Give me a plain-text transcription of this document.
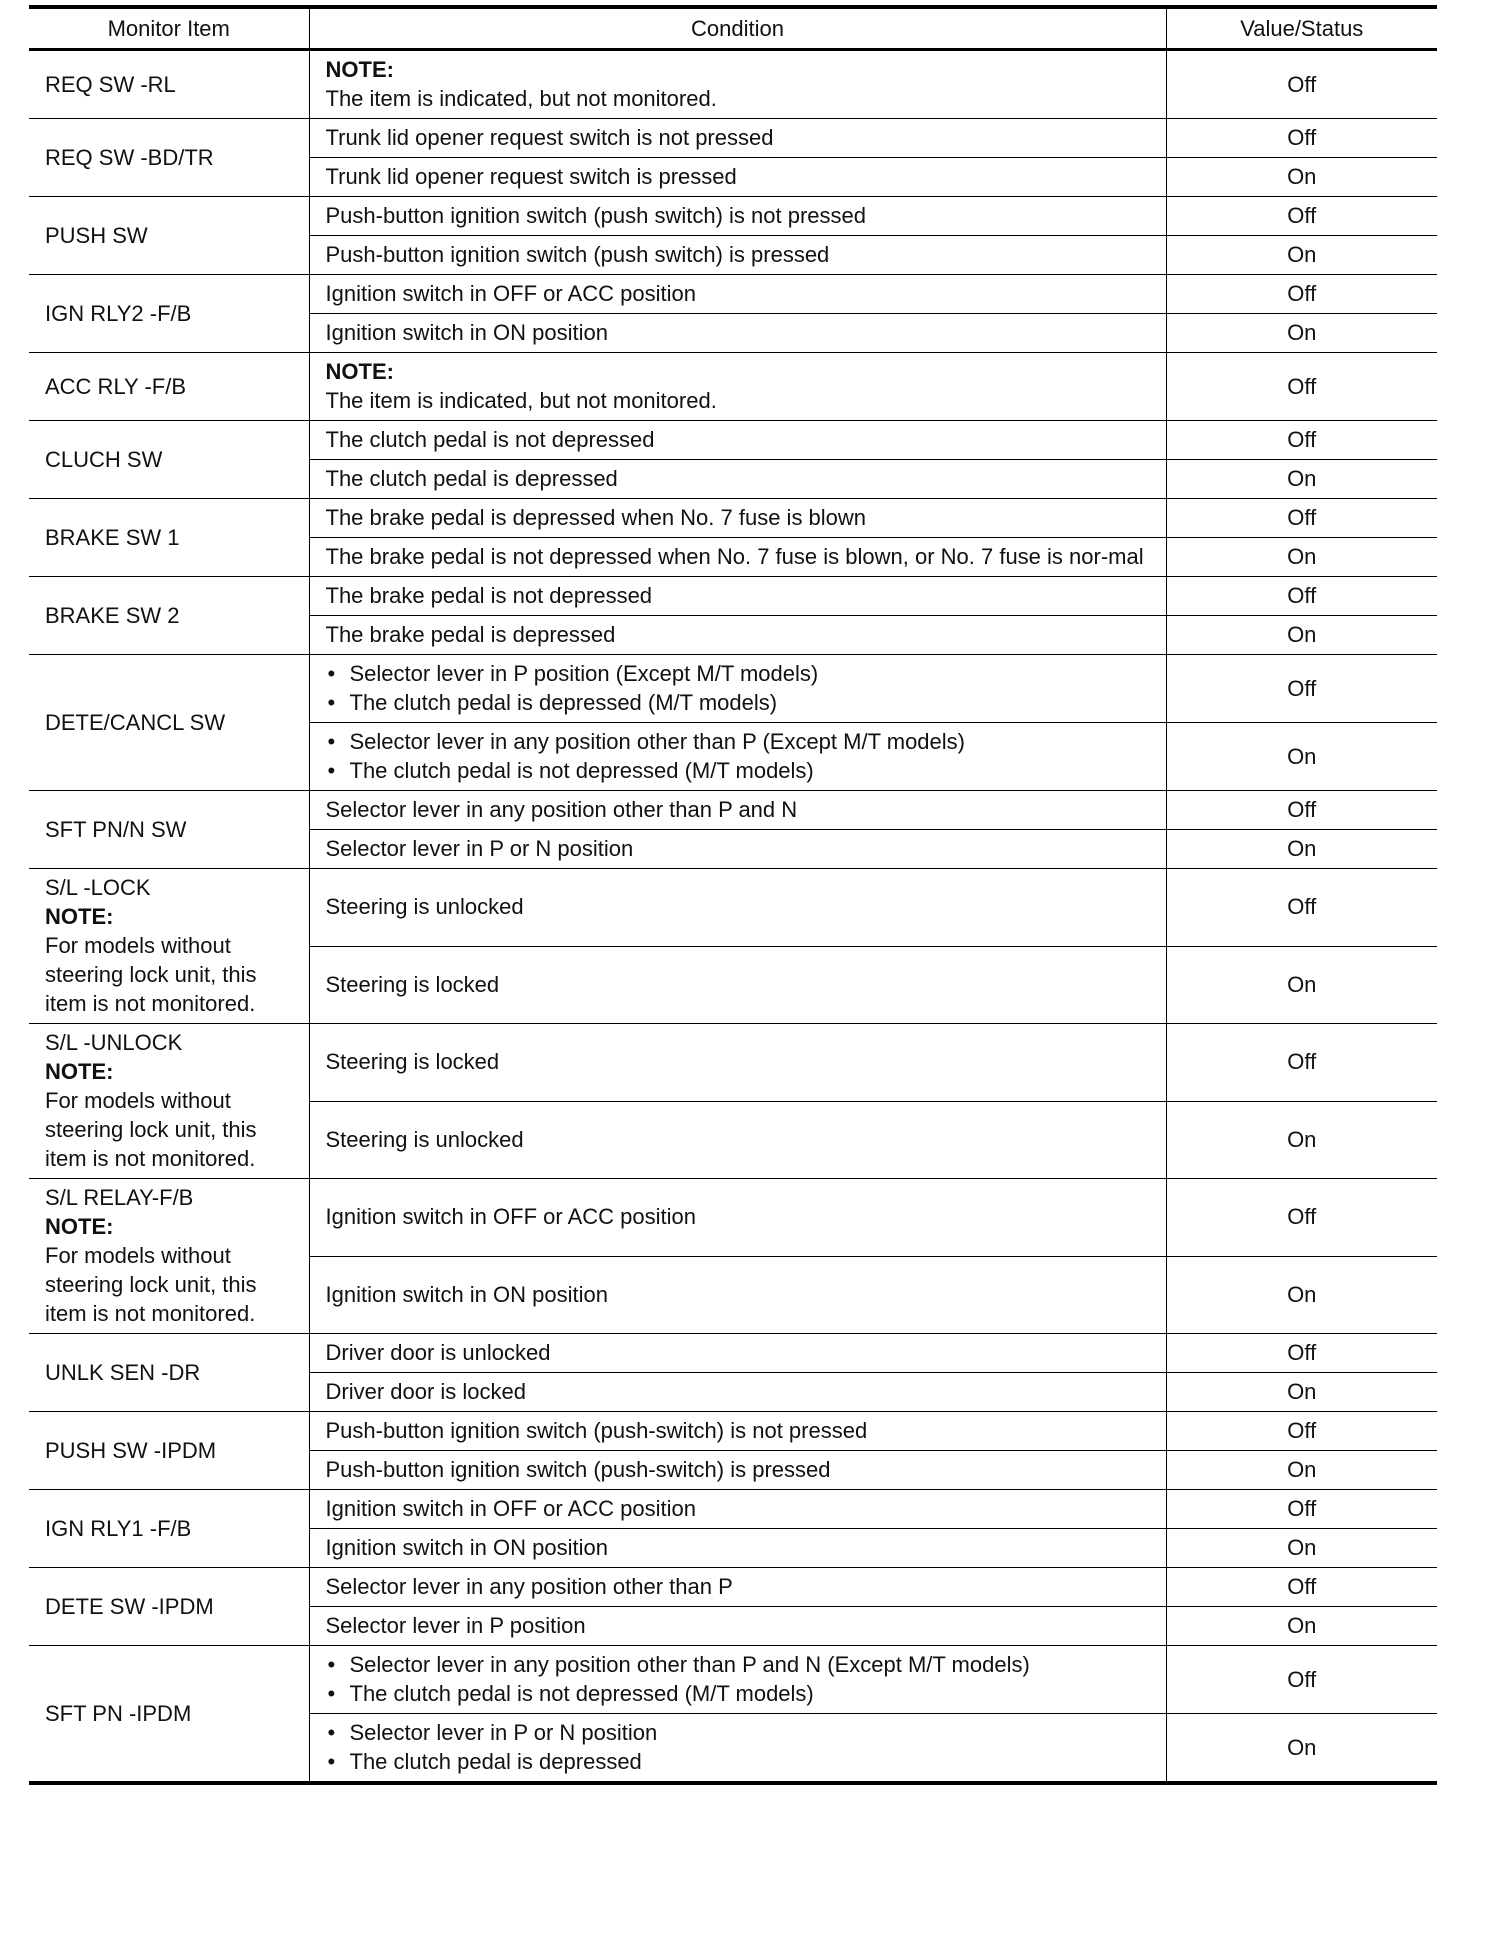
Monitor Item	Condition	Value/Status

REQ SW -RL	NOTE:
The item is indicated, but not monitored.	Off

REQ SW -BD/TR	Trunk lid opener request switch is not pressed	Off

	Trunk lid opener request switch is pressed	On

PUSH SW	Push-button ignition switch (push switch) is not pressed	Off

	Push-button ignition switch (push switch) is pressed	On

IGN RLY2 -F/B	Ignition switch in OFF or ACC position	Off

	Ignition switch in ON position	On

ACC RLY -F/B	NOTE:
The item is indicated, but not monitored.	Off

CLUCH SW	The clutch pedal is not depressed	Off

	The clutch pedal is depressed	On

BRAKE SW 1	The brake pedal is depressed when No. 7 fuse is blown	Off

	The brake pedal is not depressed when No. 7 fuse is blown, or No. 7 fuse is nor-mal	On

BRAKE SW 2	The brake pedal is not depressed	Off

	The brake pedal is depressed	On

DETE/CANCL SW	• Selector lever in P position (Except M/T models)
• The clutch pedal is depressed (M/T models)	Off

	• Selector lever in any position other than P (Except M/T models)
• The clutch pedal is not depressed (M/T models)	On

SFT PN/N SW	Selector lever in any position other than P and N	Off

	Selector lever in P or N position	On

S/L -LOCK
NOTE:
For models without
steering lock unit, this
item is not monitored.	Steering is unlocked	Off

	Steering is locked	On

S/L -UNLOCK
NOTE:
For models without
steering lock unit, this
item is not monitored.	Steering is locked	Off

	Steering is unlocked	On

S/L RELAY-F/B
NOTE:
For models without
steering lock unit, this
item is not monitored.	Ignition switch in OFF or ACC position	Off

	Ignition switch in ON position	On

UNLK SEN -DR	Driver door is unlocked	Off

	Driver door is locked	On

PUSH SW -IPDM	Push-button ignition switch (push-switch) is not pressed	Off

	Push-button ignition switch (push-switch) is pressed	On

IGN RLY1 -F/B	Ignition switch in OFF or ACC position	Off

	Ignition switch in ON position	On

DETE SW -IPDM	Selector lever in any position other than P	Off

	Selector lever in P position	On

SFT PN -IPDM	• Selector lever in any position other than P and N (Except M/T models)
• The clutch pedal is not depressed (M/T models)	Off

	• Selector lever in P or N position
• The clutch pedal is depressed	On
